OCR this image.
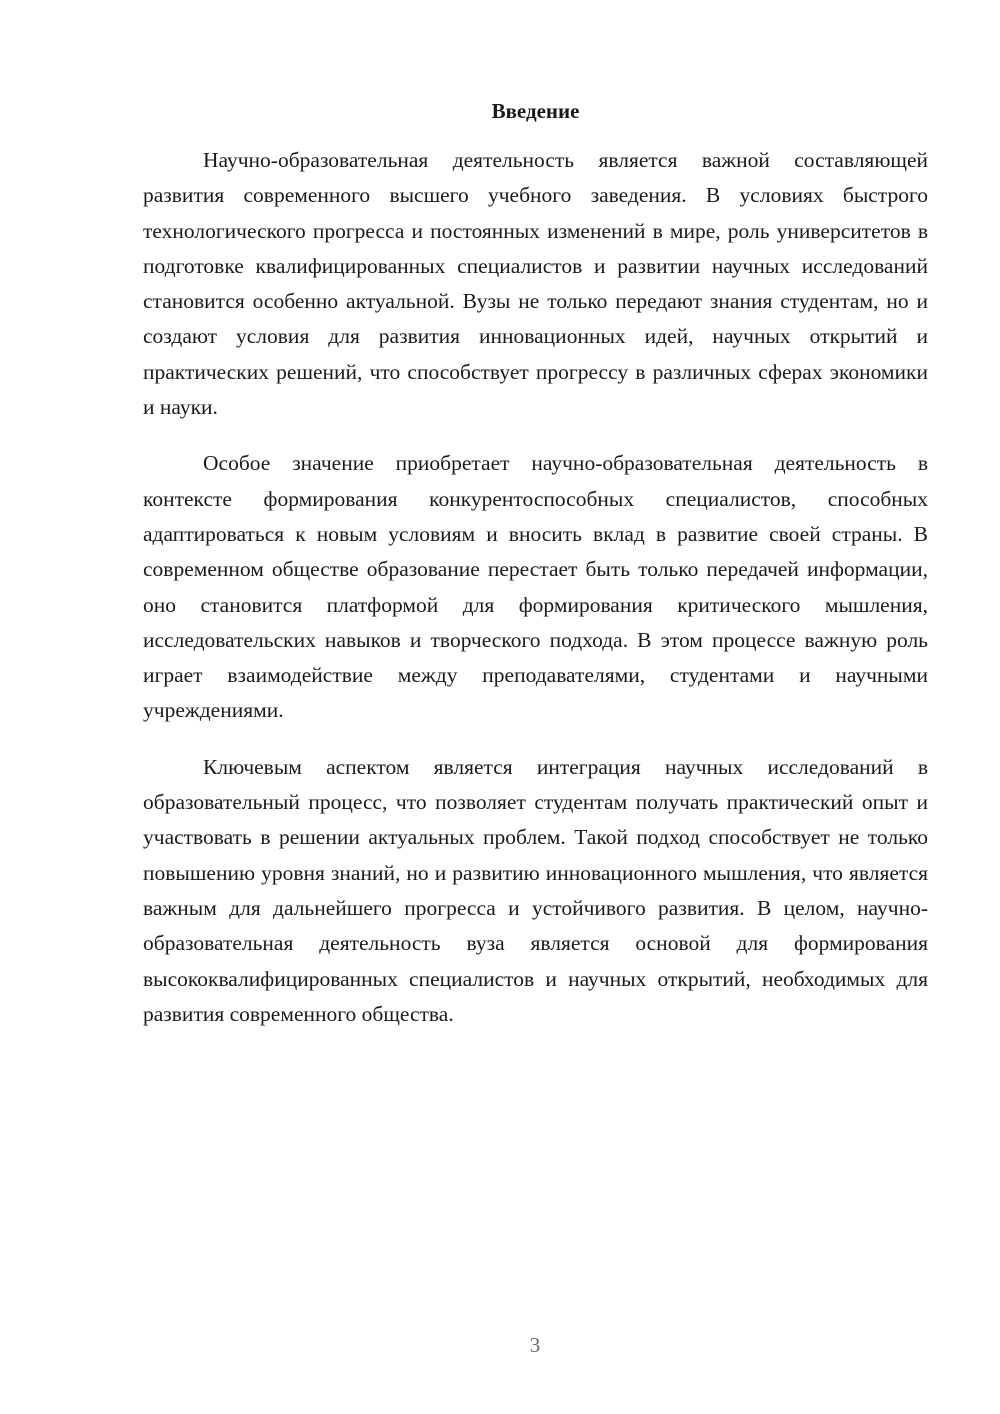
Введение

Научно-образовательная деятельность является важной составляющей развития современного высшего учебного заведения. В условиях быстрого технологического прогресса и постоянных изменений в мире, роль университетов в подготовке квалифицированных специалистов и развитии научных исследований становится особенно актуальной. Вузы не только передают знания студентам, но и создают условия для развития инновационных идей, научных открытий и практических решений, что способствует прогрессу в различных сферах экономики и науки.

Особое значение приобретает научно-образовательная деятельность в контексте формирования конкурентоспособных специалистов, способных адаптироваться к новым условиям и вносить вклад в развитие своей страны. В современном обществе образование перестает быть только передачей информации, оно становится платформой для формирования критического мышления, исследовательских навыков и творческого подхода. В этом процессе важную роль играет взаимодействие между преподавателями, студентами и научными учреждениями.

Ключевым аспектом является интеграция научных исследований в образовательный процесс, что позволяет студентам получать практический опыт и участвовать в решении актуальных проблем. Такой подход способствует не только повышению уровня знаний, но и развитию инновационного мышления, что является важным для дальнейшего прогресса и устойчивого развития. В целом, научно-образовательная деятельность вуза является основой для формирования высококвалифицированных специалистов и научных открытий, необходимых для развития современного общества.

3
